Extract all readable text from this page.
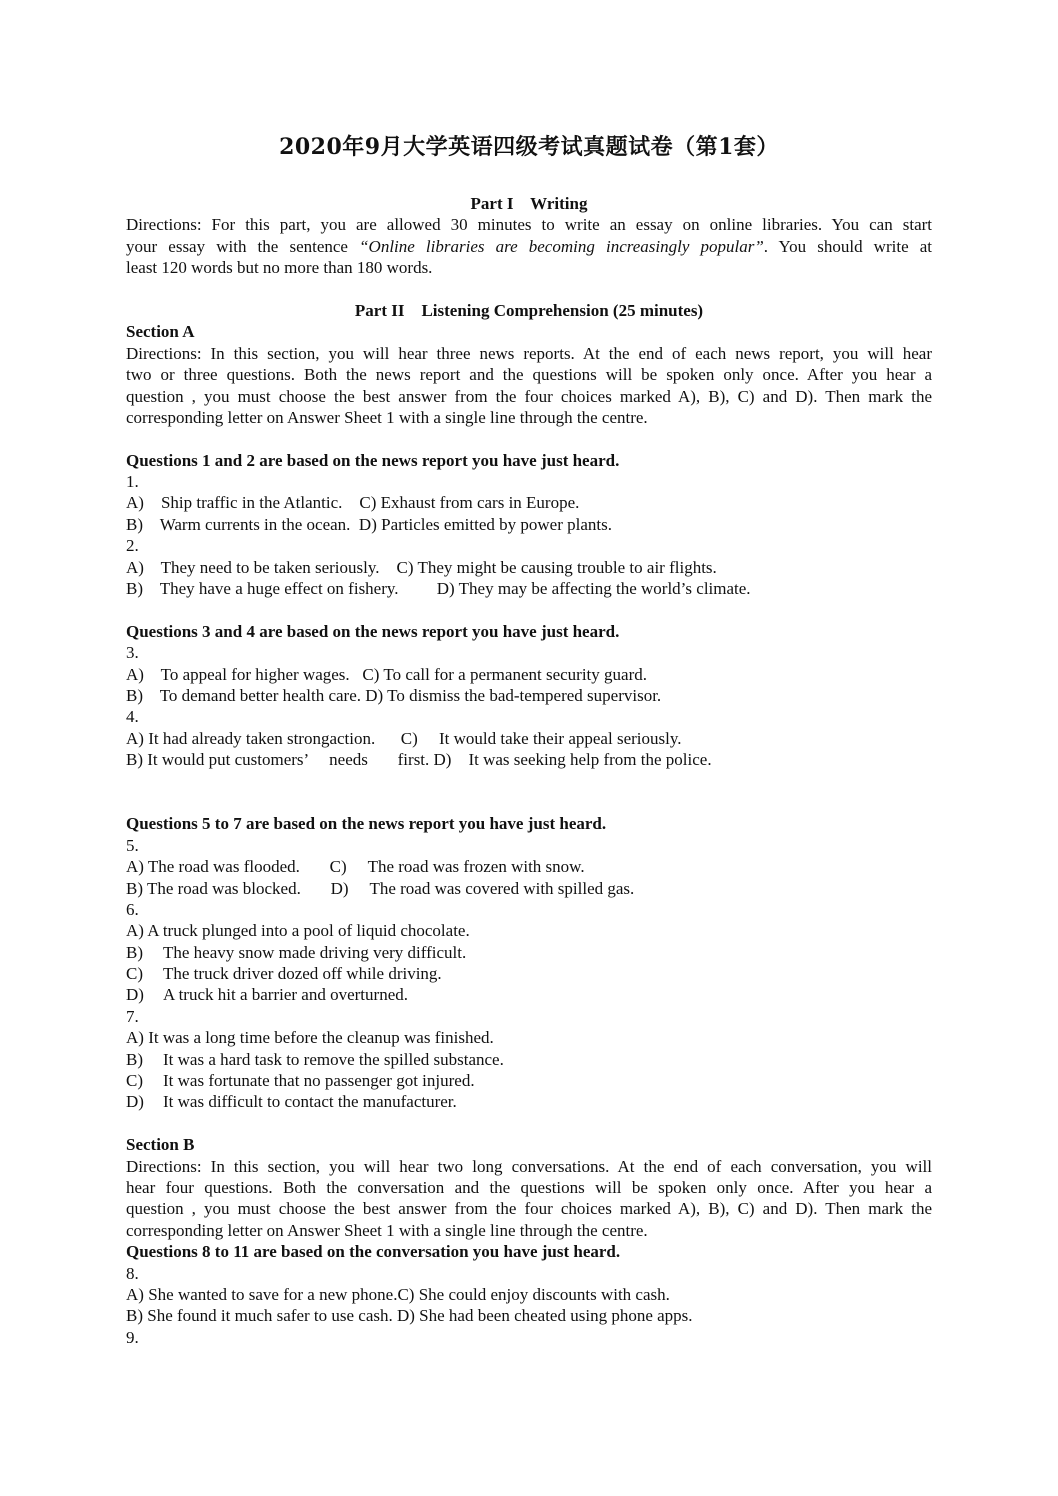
2020年9月大学英语四级考试真题试卷（第1套）
Part I    Writing
Directions: For this part, you are allowed 30 minutes to write an essay on online libraries. You can start
your essay with the sentence “Online libraries are becoming increasingly popular”. You should write at
least 120 words but no more than 180 words.
Part II    Listening Comprehension (25 minutes)
Section A
Directions: In this section, you will hear three news reports. At the end of each news report, you will hear
two or three questions. Both the news report and the questions will be spoken only once. After you hear a
question , you must choose the best answer from the four choices marked A), B), C) and D). Then mark the
corresponding letter on Answer Sheet 1 with a single line through the centre.
Questions 1 and 2 are based on the news report you have just heard.
1.
A)    Ship traffic in the Atlantic.    C) Exhaust from cars in Europe.
B)    Warm currents in the ocean.  D) Particles emitted by power plants.
2.
A)    They need to be taken seriously.    C) They might be causing trouble to air flights.
B)    They have a huge effect on fishery.         D) They may be affecting the world’s climate.
Questions 3 and 4 are based on the news report you have just heard.
3.
A)    To appeal for higher wages.   C) To call for a permanent security guard.
B)    To demand better health care. D) To dismiss the bad-tempered supervisor.
4.
A) It had already taken strongaction.      C)     It would take their appeal seriously.
B) It would put customers’     needs       first. D)    It was seeking help from the police.
Questions 5 to 7 are based on the news report you have just heard.
5.
A) The road was flooded.       C)     The road was frozen with snow.
B) The road was blocked.       D)     The road was covered with spilled gas.
6.
A) A truck plunged into a pool of liquid chocolate.
B)	The heavy snow made driving very difficult.
C)	The truck driver dozed off while driving.
D)	A truck hit a barrier and overturned.
7.
A) It was a long time before the cleanup was finished.
B)	It was a hard task to remove the spilled substance.
C)	It was fortunate that no passenger got injured.
D)	It was difficult to contact the manufacturer.
Section B
Directions: In this section, you will hear two long conversations. At the end of each conversation, you will
hear four questions. Both the conversation and the questions will be spoken only once. After you hear a
question , you must choose the best answer from the four choices marked A), B), C) and D). Then mark the
corresponding letter on Answer Sheet 1 with a single line through the centre.
Questions 8 to 11 are based on the conversation you have just heard.
8.
A) She wanted to save for a new phone.C) She could enjoy discounts with cash.
B) She found it much safer to use cash. D) She had been cheated using phone apps.
9.
